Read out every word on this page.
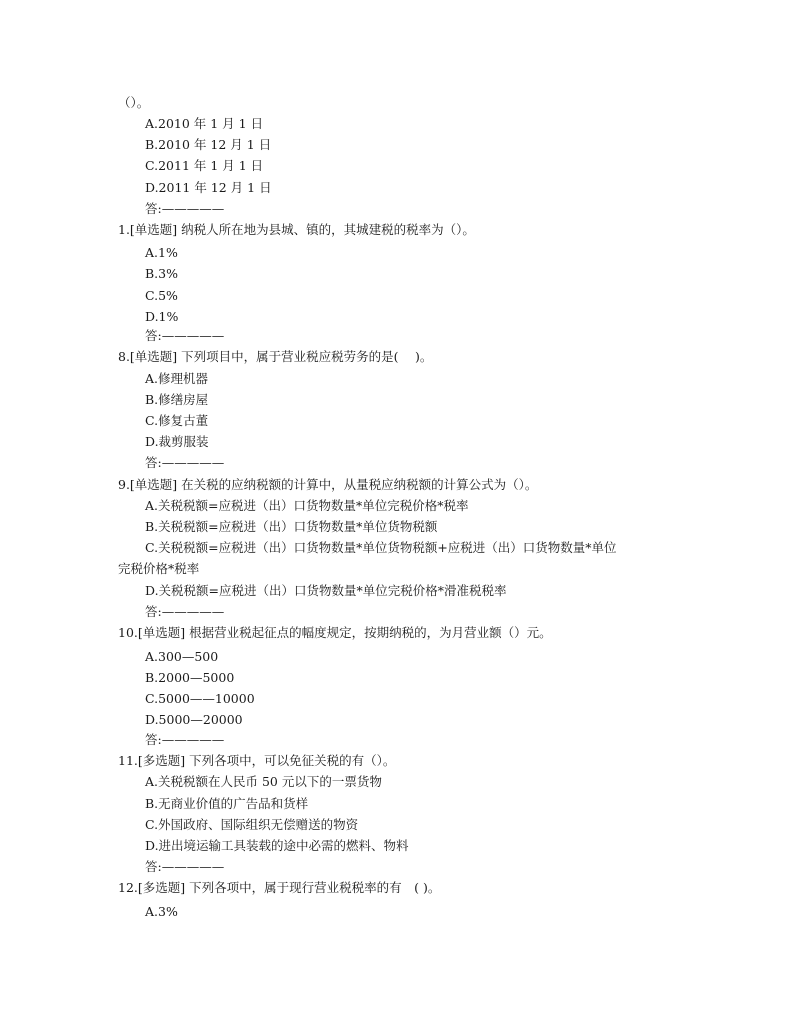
（）。
A.2010 年 1 月 1 日
B.2010 年 12 月 1 日
C.2011 年 1 月 1 日
D.2011 年 12 月 1 日
答:—————
1.[单选题] 纳税人所在地为县城、镇的，其城建税的税率为（）。
A.1%
B.3%
C.5%
D.1%
答:—————
8.[单选题] 下列项目中，属于营业税应税劳务的是(　 )。
A.修理机器
B.修缮房屋
C.修复古董
D.裁剪服装
答:—————
9.[单选题] 在关税的应纳税额的计算中，从量税应纳税额的计算公式为（）。
A.关税税额=应税进（出）口货物数量*单位完税价格*税率
B.关税税额=应税进（出）口货物数量*单位货物税额
C.关税税额=应税进（出）口货物数量*单位货物税额+应税进（出）口货物数量*单位
完税价格*税率
D.关税税额=应税进（出）口货物数量*单位完税价格*滑准税税率
答:—————
10.[单选题] 根据营业税起征点的幅度规定，按期纳税的，为月营业额（）元。
A.300—500
B.2000—5000
C.5000——10000
D.5000—20000
答:—————
11.[多选题] 下列各项中，可以免征关税的有（）。
A.关税税额在人民币 50 元以下的一票货物
B.无商业价值的广告品和货样
C.外国政府、国际组织无偿赠送的物资
D.进出境运输工具装载的途中必需的燃料、物料
答:—————
12.[多选题] 下列各项中，属于现行营业税税率的有　( )。
A.3%
